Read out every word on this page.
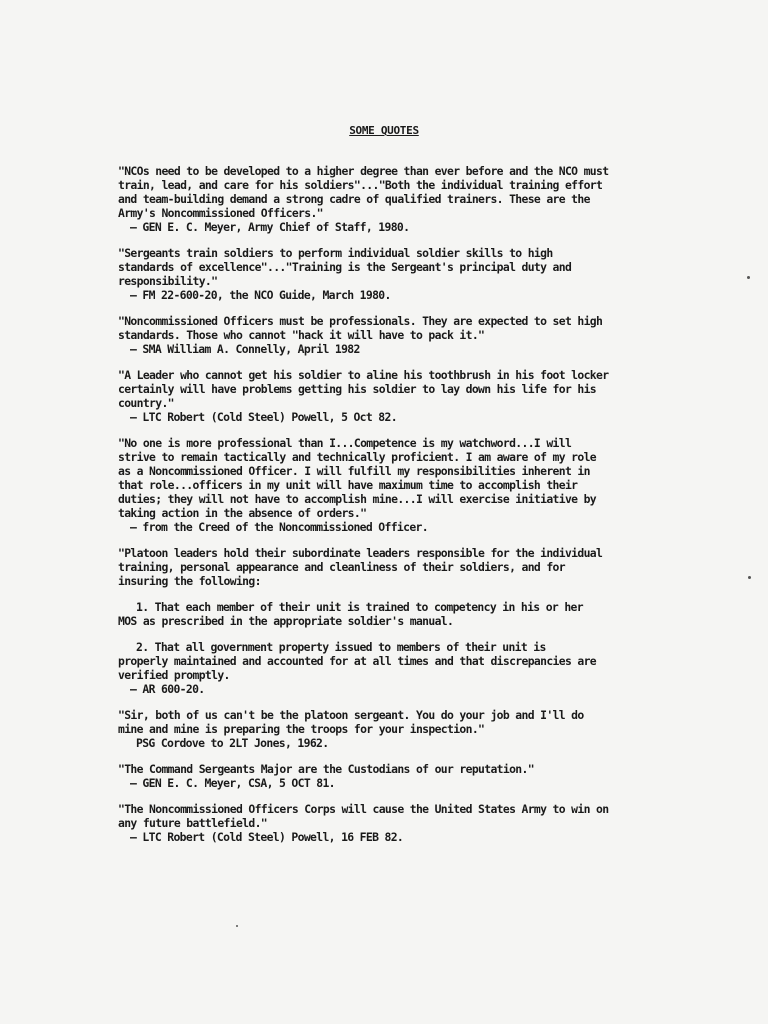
SOME QUOTES
"NCOs need to be developed to a higher degree than ever before and the NCO must
train, lead, and care for his soldiers"..."Both the individual training effort
and team-building demand a strong cadre of qualified trainers. These are the
Army's Noncommissioned Officers."
— GEN E. C. Meyer, Army Chief of Staff, 1980.
"Sergeants train soldiers to perform individual soldier skills to high
standards of excellence"..."Training is the Sergeant's principal duty and
responsibility."
— FM 22-600-20, the NCO Guide, March 1980.
"Noncommissioned Officers must be professionals. They are expected to set high
standards. Those who cannot "hack it will have to pack it."
— SMA William A. Connelly, April 1982
"A Leader who cannot get his soldier to aline his toothbrush in his foot locker
certainly will have problems getting his soldier to lay down his life for his
country."
— LTC Robert (Cold Steel) Powell, 5 Oct 82.
"No one is more professional than I...Competence is my watchword...I will
strive to remain tactically and technically proficient. I am aware of my role
as a Noncommissioned Officer. I will fulfill my responsibilities inherent in
that role...officers in my unit will have maximum time to accomplish their
duties; they will not have to accomplish mine...I will exercise initiative by
taking action in the absence of orders."
— from the Creed of the Noncommissioned Officer.
"Platoon leaders hold their subordinate leaders responsible for the individual
training, personal appearance and cleanliness of their soldiers, and for
insuring the following:
1. That each member of their unit is trained to competency in his or her
MOS as prescribed in the appropriate soldier's manual.
2. That all government property issued to members of their unit is
properly maintained and accounted for at all times and that discrepancies are
verified promptly.
— AR 600-20.
"Sir, both of us can't be the platoon sergeant. You do your job and I'll do
mine and mine is preparing the troops for your inspection."
PSG Cordove to 2LT Jones, 1962.
"The Command Sergeants Major are the Custodians of our reputation."
— GEN E. C. Meyer, CSA, 5 OCT 81.
"The Noncommissioned Officers Corps will cause the United States Army to win on
any future battlefield."
— LTC Robert (Cold Steel) Powell, 16 FEB 82.
